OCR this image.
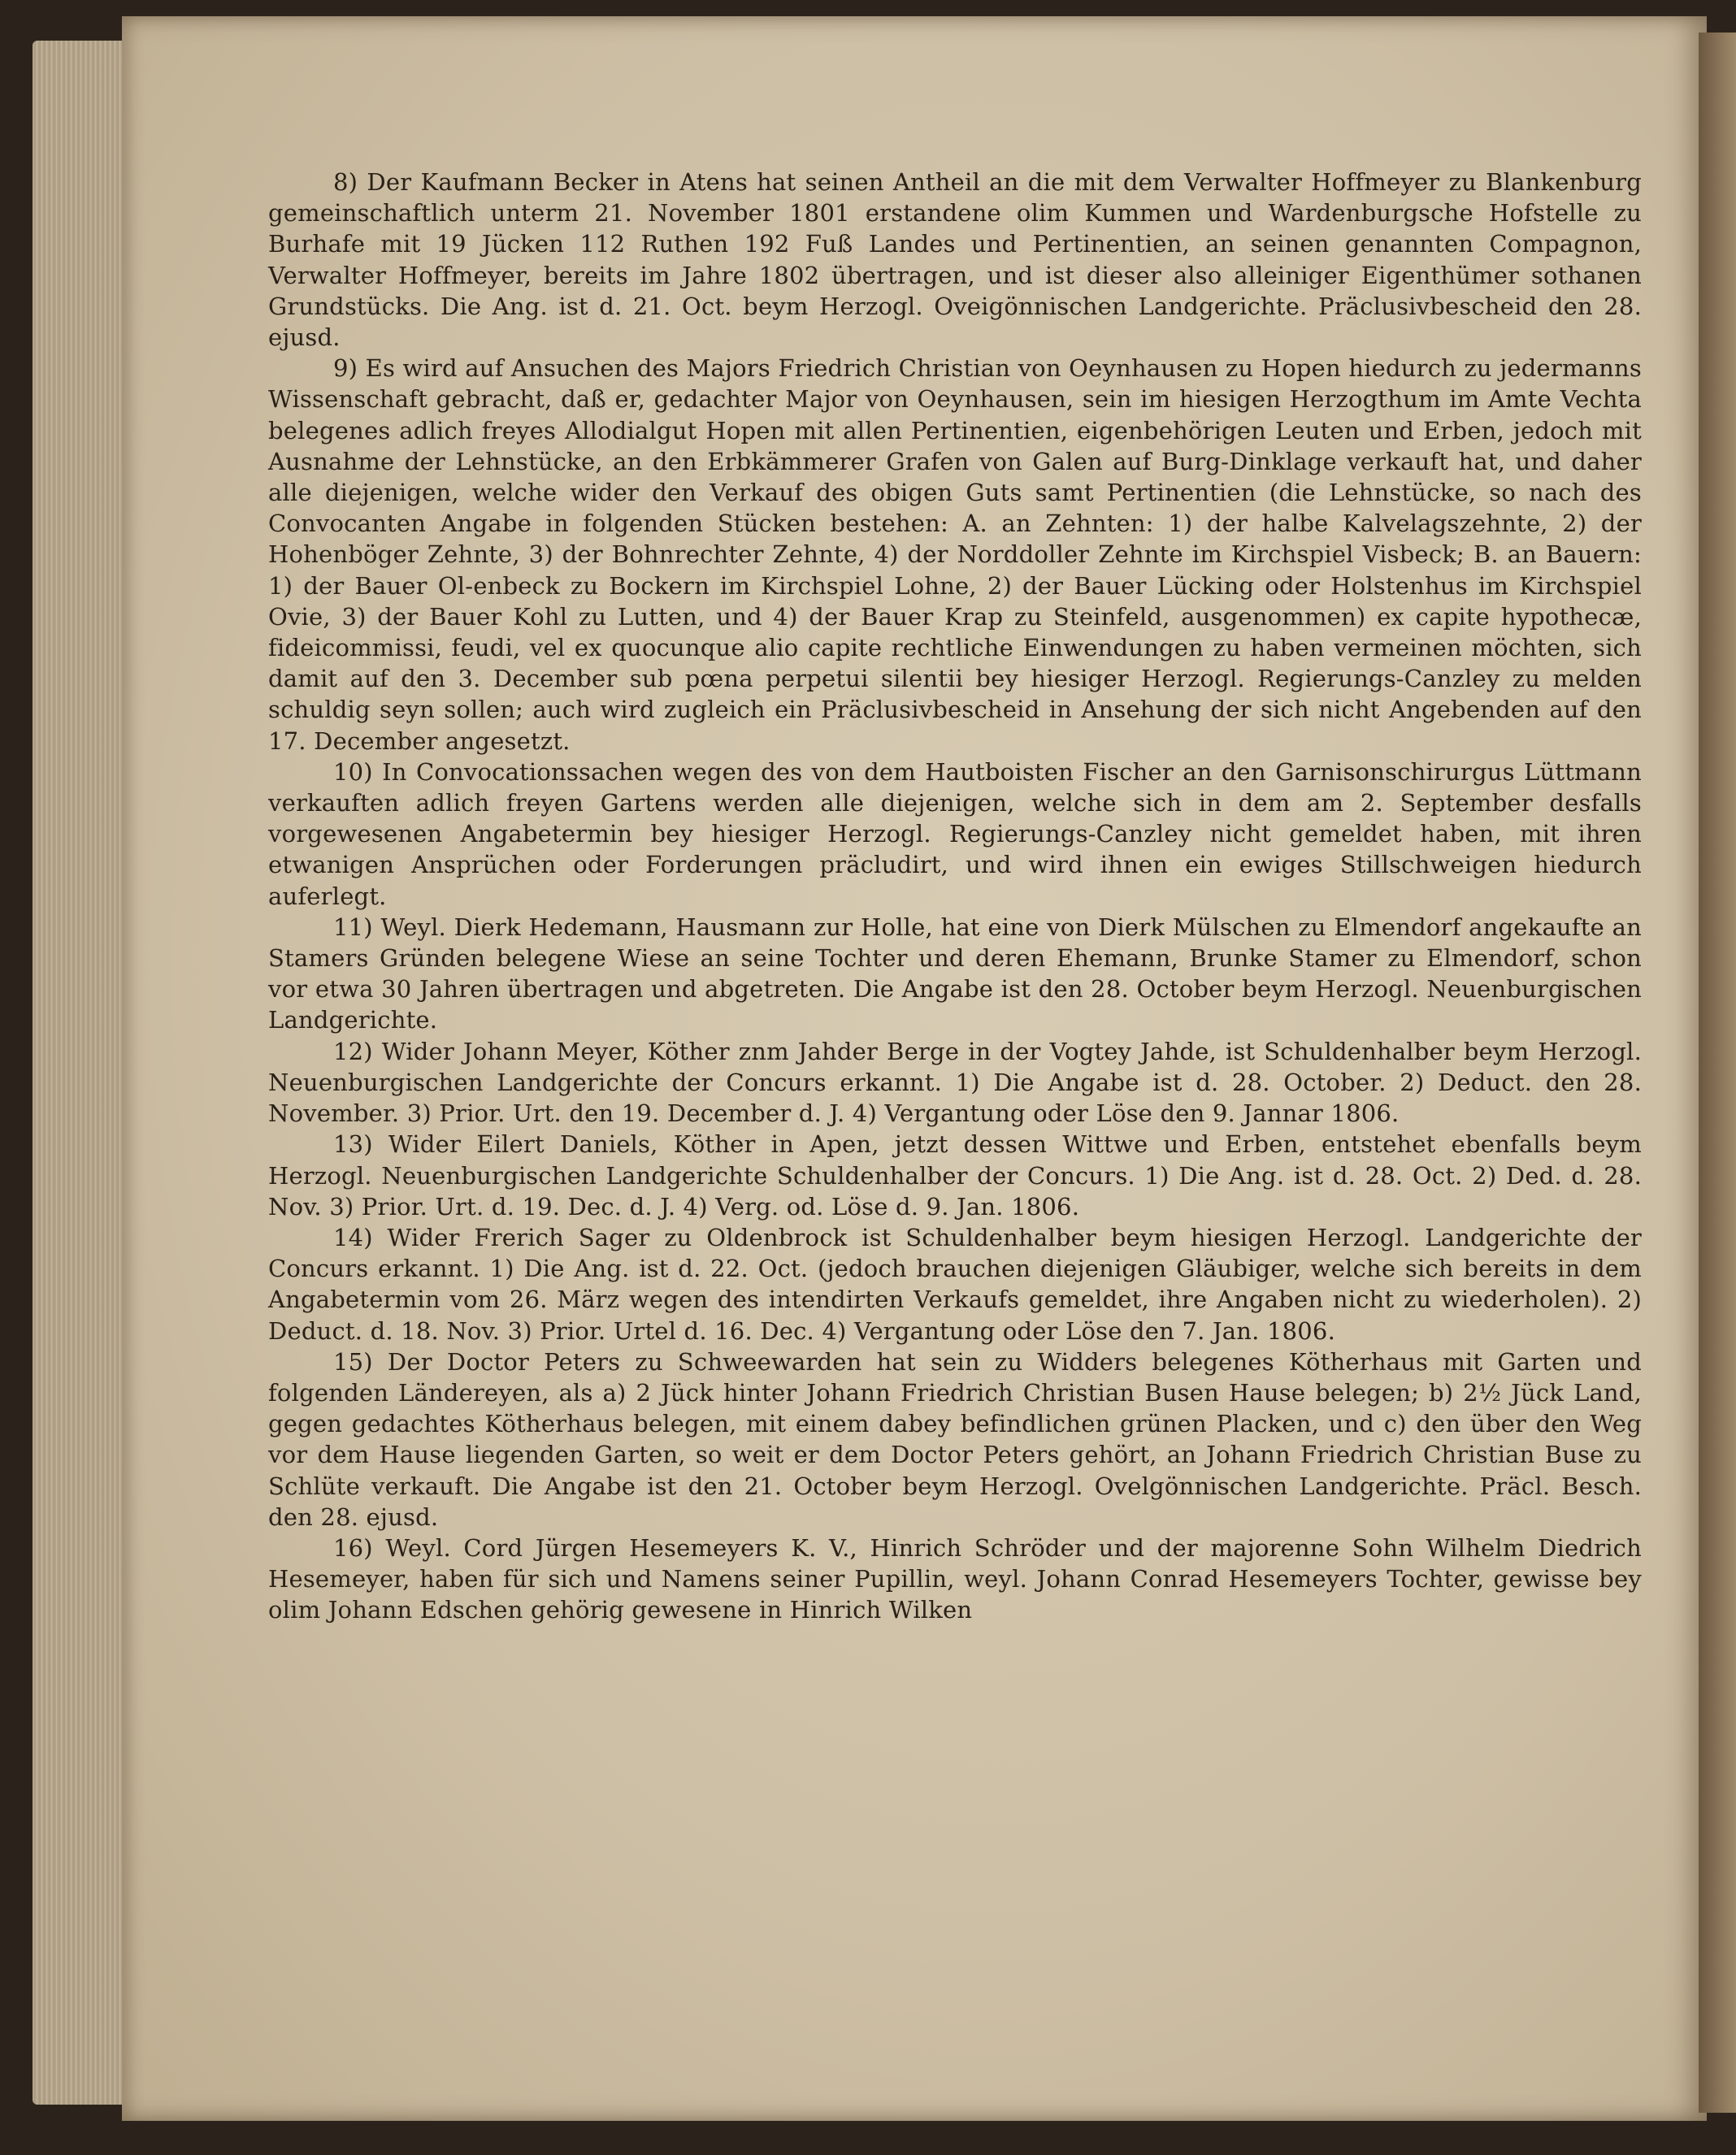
8) Der Kaufmann Becker in Atens hat seinen Antheil an die mit dem Verwalter Hoffmeyer zu Blankenburg gemeinschaftlich unterm 21. November 1801 erstandene olim Kummen und Wardenburgsche Hofstelle zu Burhafe mit 19 Jücken 112 Ruthen 192 Fuß Landes und Pertinentien, an seinen genannten Compagnon, Verwalter Hoffmeyer, bereits im Jahre 1802 übertragen, und ist dieser also alleiniger Eigenthümer sothanen Grundstücks. Die Ang. ist d. 21. Oct. beym Herzogl. Oveigönnischen Landgerichte. Präclusivbescheid den 28. ejusd.

9) Es wird auf Ansuchen des Majors Friedrich Christian von Oeynhausen zu Hopen hiedurch zu jedermanns Wissenschaft gebracht, daß er, gedachter Major von Oeynhausen, sein im hiesigen Herzogthum im Amte Vechta belegenes adlich freyes Allodialgut Hopen mit allen Pertinentien, eigenbehörigen Leuten und Erben, jedoch mit Ausnahme der Lehnstücke, an den Erbkämmerer Grafen von Galen auf Burg-Dinklage verkauft hat, und daher alle diejenigen, welche wider den Verkauf des obigen Guts samt Pertinentien (die Lehnstücke, so nach des Convocanten Angabe in folgenden Stücken bestehen: A. an Zehnten: 1) der halbe Kalvelagszehnte, 2) der Hohenböger Zehnte, 3) der Bohnrechter Zehnte, 4) der Norddoller Zehnte im Kirchspiel Visbeck; B. an Bauern: 1) der Bauer Ol-enbeck zu Bockern im Kirchspiel Lohne, 2) der Bauer Lücking oder Holstenhus im Kirchspiel Ovie, 3) der Bauer Kohl zu Lutten, und 4) der Bauer Krap zu Steinfeld, ausgenommen) ex capite hypothecæ, fideicommissi, feudi, vel ex quocunque alio capite rechtliche Einwendungen zu haben vermeinen möchten, sich damit auf den 3. December sub pœna perpetui silentii bey hiesiger Herzogl. Regierungs-Canzley zu melden schuldig seyn sollen; auch wird zugleich ein Präclusivbescheid in Ansehung der sich nicht Angebenden auf den 17. December angesetzt.

10) In Convocationssachen wegen des von dem Hautboisten Fischer an den Garnisonschirurgus Lüttmann verkauften adlich freyen Gartens werden alle diejenigen, welche sich in dem am 2. September desfalls vorgewesenen Angabetermin bey hiesiger Herzogl. Regierungs-Canzley nicht gemeldet haben, mit ihren etwanigen Ansprüchen oder Forderungen präcludirt, und wird ihnen ein ewiges Stillschweigen hiedurch auferlegt.

11) Weyl. Dierk Hedemann, Hausmann zur Holle, hat eine von Dierk Mülschen zu Elmendorf angekaufte an Stamers Gründen belegene Wiese an seine Tochter und deren Ehemann, Brunke Stamer zu Elmendorf, schon vor etwa 30 Jahren übertragen und abgetreten. Die Angabe ist den 28. October beym Herzogl. Neuenburgischen Landgerichte.

12) Wider Johann Meyer, Köther znm Jahder Berge in der Vogtey Jahde, ist Schuldenhalber beym Herzogl. Neuenburgischen Landgerichte der Concurs erkannt. 1) Die Angabe ist d. 28. October. 2) Deduct. den 28. November. 3) Prior. Urt. den 19. December d. J. 4) Vergantung oder Löse den 9. Jannar 1806.

13) Wider Eilert Daniels, Köther in Apen, jetzt dessen Wittwe und Erben, entstehet ebenfalls beym Herzogl. Neuenburgischen Landgerichte Schuldenhalber der Concurs. 1) Die Ang. ist d. 28. Oct. 2) Ded. d. 28. Nov. 3) Prior. Urt. d. 19. Dec. d. J. 4) Verg. od. Löse d. 9. Jan. 1806.

14) Wider Frerich Sager zu Oldenbrock ist Schuldenhalber beym hiesigen Herzogl. Landgerichte der Concurs erkannt. 1) Die Ang. ist d. 22. Oct. (jedoch brauchen diejenigen Gläubiger, welche sich bereits in dem Angabetermin vom 26. März wegen des intendirten Verkaufs gemeldet, ihre Angaben nicht zu wiederholen). 2) Deduct. d. 18. Nov. 3) Prior. Urtel d. 16. Dec. 4) Vergantung oder Löse den 7. Jan. 1806.

15) Der Doctor Peters zu Schweewarden hat sein zu Widders belegenes Kötherhaus mit Garten und folgenden Ländereyen, als a) 2 Jück hinter Johann Friedrich Christian Busen Hause belegen; b) 2½ Jück Land, gegen gedachtes Kötherhaus belegen, mit einem dabey befindlichen grünen Placken, und c) den über den Weg vor dem Hause liegenden Garten, so weit er dem Doctor Peters gehört, an Johann Friedrich Christian Buse zu Schlüte verkauft. Die Angabe ist den 21. October beym Herzogl. Ovelgönnischen Landgerichte. Präcl. Besch. den 28. ejusd.

16) Weyl. Cord Jürgen Hesemeyers K. V., Hinrich Schröder und der majorenne Sohn Wilhelm Diedrich Hesemeyer, haben für sich und Namens seiner Pupillin, weyl. Johann Conrad Hesemeyers Tochter, gewisse bey olim Johann Edschen gehörig gewesene in Hinrich Wilken
